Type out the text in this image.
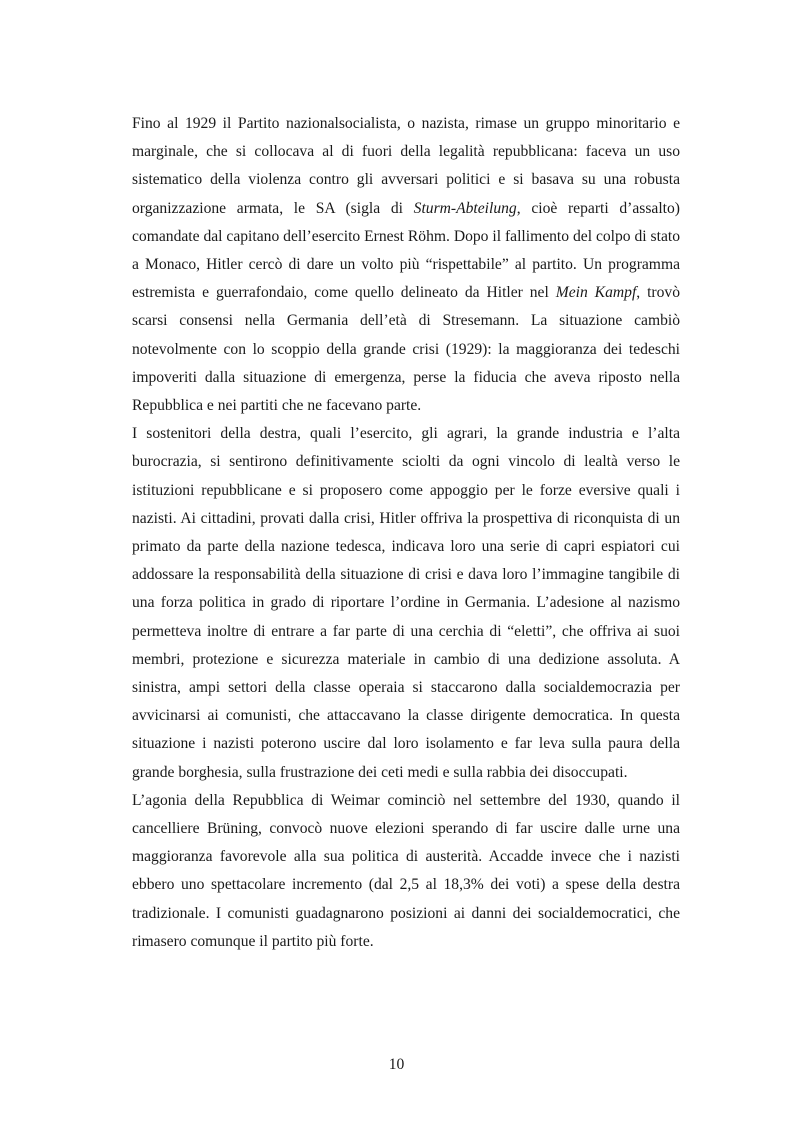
Fino al 1929 il Partito nazionalsocialista, o nazista, rimase un gruppo minoritario e marginale, che si collocava al di fuori della legalità repubblicana: faceva un uso sistematico della violenza contro gli avversari politici e si basava su una robusta organizzazione armata, le SA (sigla di Sturm-Abteilung, cioè reparti d’assalto) comandate dal capitano dell’esercito Ernest Röhm. Dopo il fallimento del colpo di stato a Monaco, Hitler cercò di dare un volto più “rispettabile” al partito. Un programma estremista e guerrafondaio, come quello delineato da Hitler nel Mein Kampf, trovò scarsi consensi nella Germania dell’età di Stresemann. La situazione cambiò notevolmente con lo scoppio della grande crisi (1929): la maggioranza dei tedeschi impoveriti dalla situazione di emergenza, perse la fiducia che aveva riposto nella Repubblica e nei partiti che ne facevano parte.

I sostenitori della destra, quali l’esercito, gli agrari, la grande industria e l’alta burocrazia, si sentirono definitivamente sciolti da ogni vincolo di lealtà verso le istituzioni repubblicane e si proposero come appoggio per le forze eversive quali i nazisti. Ai cittadini, provati dalla crisi, Hitler offriva la prospettiva di riconquista di un primato da parte della nazione tedesca, indicava loro una serie di capri espiatori cui addossare la responsabilità della situazione di crisi e dava loro l’immagine tangibile di una forza politica in grado di riportare l’ordine in Germania. L’adesione al nazismo permetteva inoltre di entrare a far parte di una cerchia di “eletti”, che offriva ai suoi membri, protezione e sicurezza materiale in cambio di una dedizione assoluta. A sinistra, ampi settori della classe operaia si staccarono dalla socialdemocrazia per avvicinarsi ai comunisti, che attaccavano la classe dirigente democratica. In questa situazione i nazisti poterono uscire dal loro isolamento e far leva sulla paura della grande borghesia, sulla frustrazione dei ceti medi e sulla rabbia dei disoccupati.

L’agonia della Repubblica di Weimar cominciò nel settembre del 1930, quando il cancelliere Brüning, convocò nuove elezioni sperando di far uscire dalle urne una maggioranza favorevole alla sua politica di austerità. Accadde invece che i nazisti ebbero uno spettacolare incremento (dal 2,5 al 18,3% dei voti) a spese della destra tradizionale. I comunisti guadagnarono posizioni ai danni dei socialdemocratici, che rimasero comunque il partito più forte.

10
